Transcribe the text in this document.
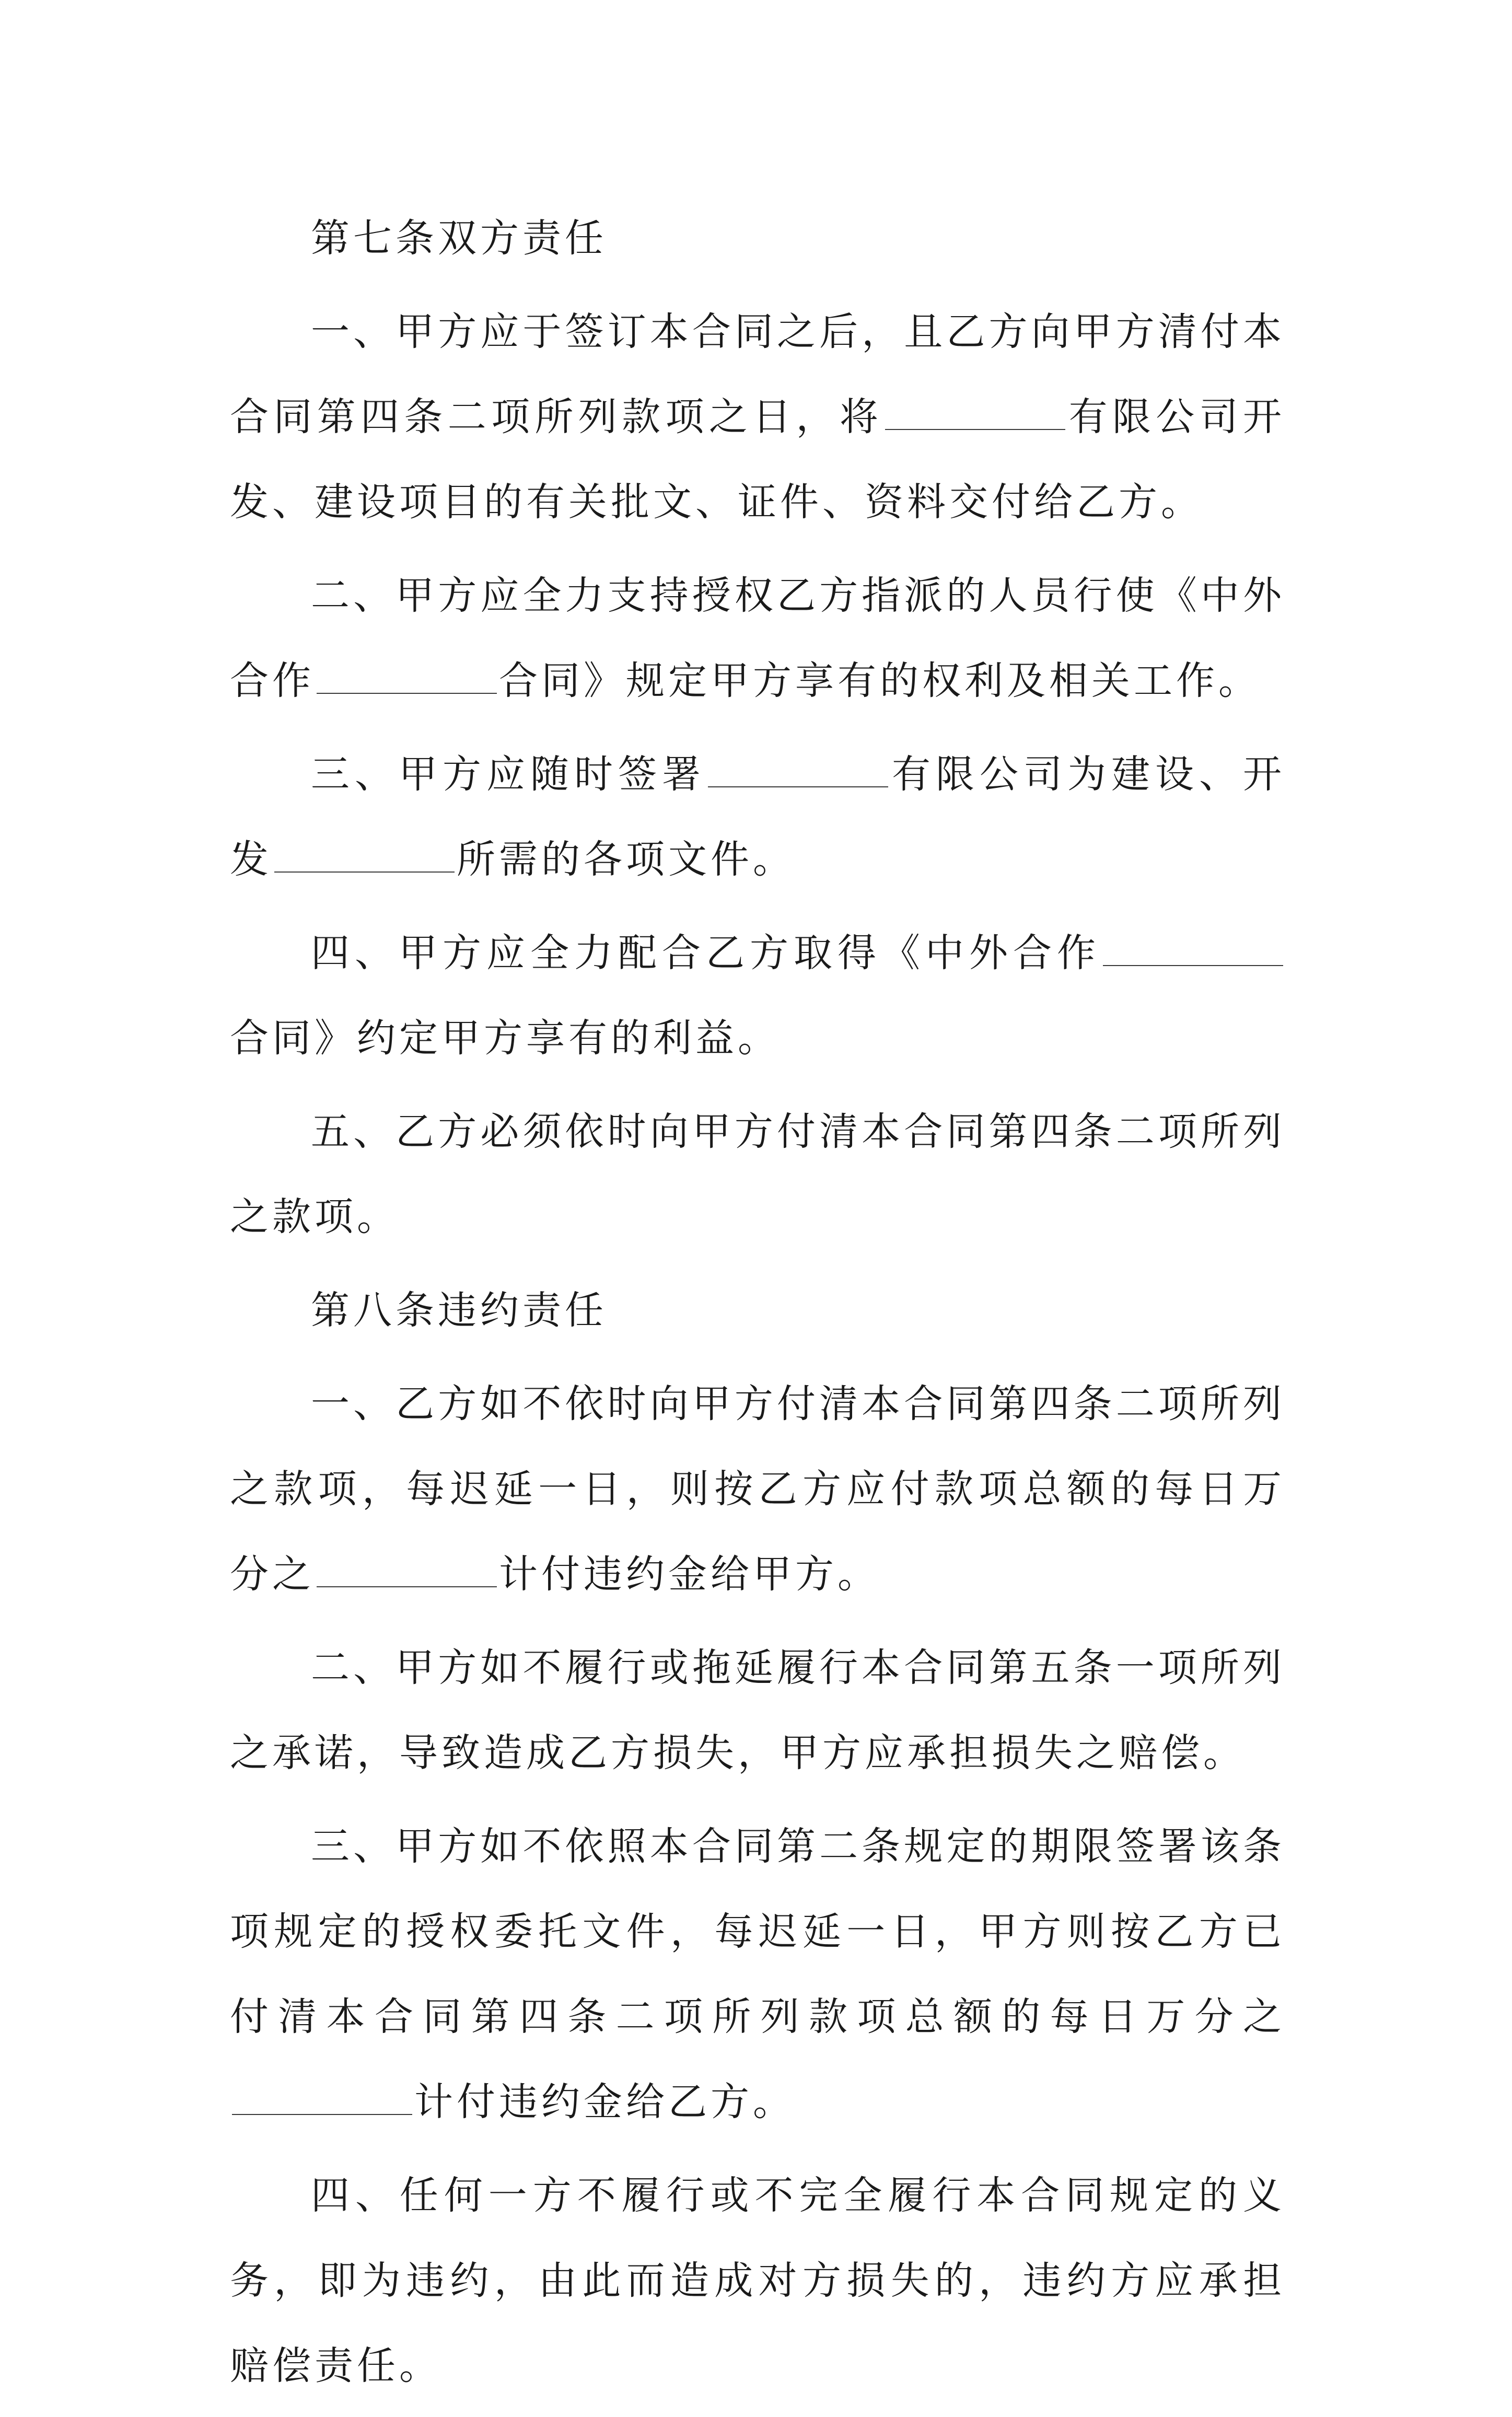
第七条双方责任

一、甲方应于签订本合同之后，且乙方向甲方清付本合同第四条二项所列款项之日，将	有限公司开发、建设项目的有关批文、证件、资料交付给乙方。

二、甲方应全力支持授权乙方指派的人员行使《中外合作	合同》规定甲方享有的权利及相关工作。

三、甲方应随时签署	有限公司为建设、开发	所需的各项文件。

四、甲方应全力配合乙方取得《中外合作合同》约定甲方享有的利益。

五、乙方必须依时向甲方付清本合同第四条二项所列之款项。

第八条违约责任

一、乙方如不依时向甲方付清本合同第四条二项所列之款项，每迟延一日，则按乙方应付款项总额的每日万分之	计付违约金给甲方。

二、甲方如不履行或拖延履行本合同第五条一项所列之承诺，导致造成乙方损失，甲方应承担损失之赔偿。

三、甲方如不依照本合同第二条规定的期限签署该条项规定的授权委托文件，每迟延一日，甲方则按乙方已付清本合同第四条二项所列款项总额的每日万分之计付违约金给乙方。

四、任何一方不履行或不完全履行本合同规定的义务，即为违约，由此而造成对方损失的，违约方应承担赔偿责任。
